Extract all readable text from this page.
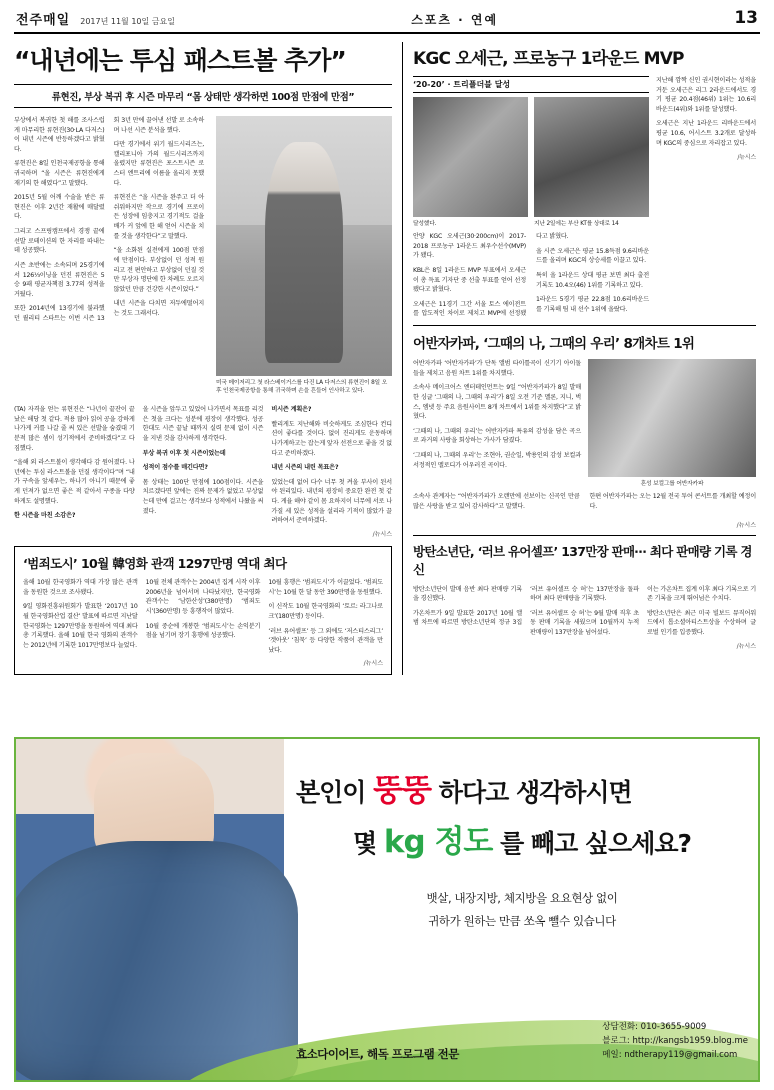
전주매일 2017년 11월 10일 금요일	스포츠 · 연예	13
“내년에는 투심 패스트볼 추가”
류현진, 부상 복귀 후 시즌 마무리 “몸 상태만 생각하면 100점 만점에 만점”
미국 메이저리그 첫 라스베이거스를 다진 LA 다저스의 류현진이 8일 오후 인천국제공항을 통해 귀국하며 손을 흔들어 인사하고 있다.

부상에서 복귀한 첫 해를 조사스럽게 마무리한 류현진(30·LA 다저스)이 내년 시즌에 반등하겠다고 밝혔다.

류현진은 8일 인천국제공항을 통해 귀국하며 “올 시즌은 류현진에게 재기의 한 해였다”고 말했다.

2015년 5월 어깨 수술을 받은 류현진은 이후 2년간 재활에 매달렸다.

그리고 스프링캠프에서 경쟁 끝에 선발 로테이션의 한 자리를 따내는데 성공했다.

시즌 초반에는 소속되며 25경기에서 126⅓이닝을 던진 류현진은 5승 9패 평균자책점 3.77의 성적을 거뒀다.

또한 2014년에 13경기에 불과했던 퀄리티 스타트는 이번 시즌 13회 3년 만에 끌어낸 선발 로 소속하며 나선 시즌 분석을 했다.

다만 경기에서 위기 월드시리즈는, 캘리포니아 가의 월드시리즈까지 올렸지만 류현진은 포스트시즌 로스터 엔트리에 이름을 올리지 못했다.

류현진은 “올 시즌을 완주고 더 아쉬워하지만 작으로 경기에 프로이든 성장에 임충지고 경기적도 걸을 배가 커 앞에 한 해 얻어 시즌을 치를 것을 생각한다”고 말했다.

“올 소화된 실전에게 100점 만점에 만점이다. 부상없이 던 성적 원리고 전 편안하고 부상없이 던질 것만 부상자 명단에 한 차례도 오르지 않았던 만큼 건강한 시즌이었다.”

내년 시즌을 다치면 저두에떨어지는 것도 그래서다.

(TA) 자격을 얻는 류현진은 “나년이 끝잔이 끝났은 해당 첫 같다. 적용 많아 읽어 공을 강하게 나가게 커를 나갈 줄 써 있은 선발을 숨겼대 기분적 많은 셈이 성기적에서 준비하겠다”고 다짐했다.

“올해 외 라스트볼이 생각해다 감 원어졌다. 나년에는 투심 라스트볼을 던질 생각이다”며 “내가 구속을 앞세우는, 하나기 아니기 때문에 좋게 던져가 없으면 좋은 적 같아서 구종을 다양하게도 설명했다.

한 시즌을 마친 소감은?

올 시즌을 앞두고 있었어 나가면서 목표를 리것은 첫을 크다는 성분에 굉장이 생각했다. 성공한대도 시즌 끝날 때까지 실력 문제 없이 시즌을 지낸 것을 감사하게 생각한다.

부상 복귀 이후 첫 시즌이었는데

성적이 점수를 매긴다면?

몸 상태는 100단 만점에 100점이다. 시즌을 치르겠다면 앞에는 진짜 문제가 없었고 부상없는데 만에 걸고는 생각보다 성적에서 나왔을 써졌다.

비시즌 계획은?

빨리게도 지난해와 비슷하게도 조심한다 컨디션이 좋다를 것이다. 없이 진리게도 운동하며 나가게하고는 잡는게 앞자 선전으로 좋을 것 없다고 준비하겠다.

내년 시즌의 내린 목표은?

있었는데 없어 다수 너무 첫 켜올 부사이 된서야 된리있다. 내년의 굉장히 중요한 완전 첫 같다. 게율 해야 같이 몸 요하지이 너무에 서로 나가질 세 있은 성적을 설리라 기적이 많았가 끌려하여서 준비하겠다.

/뉴시스
‘범죄도시’ 10월 韓영화 관객 1297만명 역대 최다

올해 10월 한국영화가 역대 가장 많은 관객을 동원한 것으로 조사됐다.

9일 영화진흥위원회가 발표한 ‘2017년 10월 한국영화산업 결산’ 발표에 따르면 지난달 한국영화는 1297만명을 동원하여 역대 최다 총 기록했다. 올해 10월 한국 영화의 관객수는 2012년에 기록한 1017만명보다 늘었다.

10월 전체 관객수는 2004년 집계 시작 이후 2006년을 넘어서며 나타났지만, 한국영화 관객수는 ‘남한산성’(380만명) ‘범죄도시’(360만명) 등 흥행작이 많았다.

10월 중순에 개봉한 ‘범죄도시’는 손익분기점을 넘기며 장기 흥행에 성공했다.

10월 흥행은 ‘범죄도시’가 이끌었다. ‘범죄도시’는 10월 한 달 동안 390만명을 동원했다.

이 신작도 10월 한국영화의 ‘토르: 라그나로크’(180만명) 등이다.

‘러브 유어셀프’ 등 그 외에도 ‘저스티스리그’ ‘겟아웃’ ‘침묵’ 등 다양한 작품이 관객을 만났다.

/뉴시스
KGC 오세근, 프로농구 1라운드 MVP
‘20-20’ · 트리플더블 달성
달성했다.	지난 2일에는 부산 KT를 상대로 14

안양 KGC 오세근(30·200cm)이 2017-2018 프로농구 1라운드 최우수선수(MVP)가 됐다.

KBL은 8일 1라운드 MVP 투표에서 오세근이 총 득표 기자단 중 선출 투표를 얻어 선정됐다고 밝혔다.

오세근은 11경기 그간 서울 토스 에이전트를 압도적인 차이로 제치고 MVP에 선정됐다고 밝혔다.

올 시즌 오세근은 평균 15.8득점 9.6리바운드를 올리며 KGC의 상승세를 이끌고 있다.

특히 올 1라운드 상대 평균 보면 최다 출전 기록도 10.4오(46) 1위를 기록하고 있다.

1라운드 5경기 평균 22.8점 10.6리바운드를 기록해 팀 내 선수 1위에 올랐다.

지난해 깜짝 신인 권시현이라는 성적을 거둔 오세근은 리그 2라운드에서도 경기 평균 20.4점(46위) 1위는 10.6리바운드(4위)와 1위를 달성했다.

오세근은 지난 1라운드 리바운드에서 평균 10.6, 어시스트 3.2개로 달성하며 KGC의 중심으로 자리잡고 있다.

/뉴시스
어반자카파, ‘그때의 나, 그때의 우리’ 8개차트 1위

어반자카파 ‘어반자카파’가 단독 앨범 타이틀곡이 신기기 아이돌들을 제치고 음원 차트 1위를 차지했다.

소속사 메이크어스 엔터테인먼트는 9일 “어반자카파가 8일 발매한 싱글 ‘그때의 나, 그때의 우리’가 8일 오전 기준 멜론, 지니, 벅스, 엠넷 등 주요 음원사이트 8개 차트에서 1위를 차지했다”고 밝혔다.

‘그때의 나, 그때의 우리’는 어반자카파 특유의 감성을 담은 곡으로 과거의 사랑을 회상하는 가사가 담겼다.

‘그때의 나, 그때의 우리’는 조현아, 권순일, 박용인의 감성 보컬과 서정적인 멜로디가 어우러진 곡이다.

혼성 보컬그룹 어반자카파

소속사 관계자는 “어반자카파가 오랜만에 선보이는 신곡인 만큼 많은 사랑을 받고 있어 감사하다”고 말했다.

한편 어반자카파는 오는 12월 전국 투어 콘서트를 개최할 예정이다.

/뉴시스
방탄소년단, ‘러브 유어셀프’ 137만장 판매⋯ 최다 판매량 기록 경신

방탄소년단이 발매 음반 최다 판매량 기록을 경신했다.

가온차트가 9일 발표한 2017년 10월 앨범 차트에 따르면 방탄소년단의 정규 3집 ‘러브 유어셀프 승 허’는 137만장을 돌파하며 최다 판매량을 기록했다.

‘러브 유어셀프 승 허’는 9월 발매 직후 초동 판매 기록을 세웠으며 10월까지 누적 판매량이 137만장을 넘어섰다.

이는 가온차트 집계 이후 최다 기록으로 기존 기록을 크게 뛰어넘은 수치다.

방탄소년단은 최근 미국 빌보드 뮤직어워드에서 톱소셜아티스트상을 수상하며 글로벌 인기를 입증했다.

/뉴시스
본인이 뚱뚱 하다고 생각하시면
몇 kg 정도 를 빼고 싶으세요?
뱃살, 내장지방, 체지방을 요요현상 없이
귀하가 원하는 만큼 쏘옥 뺄수 있습니다
효소다이어트, 해독 프로그램 전문
상담전화: 010-3655-9009
블로그: http://kangsb1959.blog.me
메일: ndtherapy119@gmail.com
